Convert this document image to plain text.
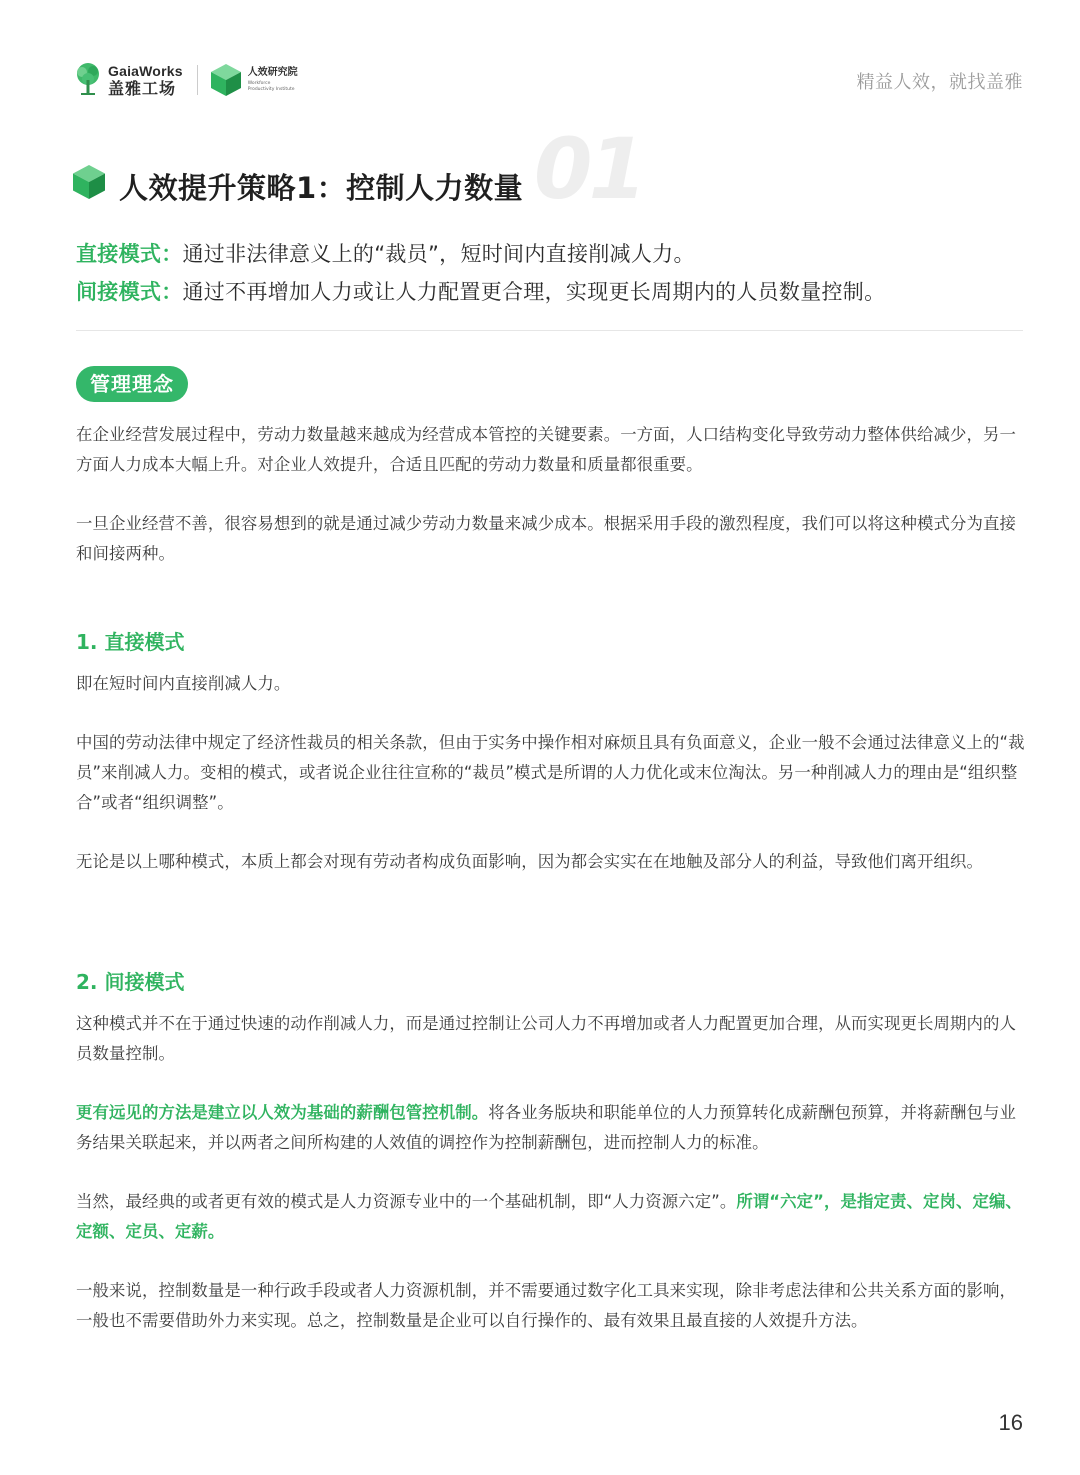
GaiaWorks
盖雅工场
人效研究院
Workforce
Productivity Institute	精益人效，就找盖雅
01
人效提升策略1：控制人力数量
直接模式：通过非法律意义上的“裁员”，短时间内直接削减人力。
间接模式：通过不再增加人力或让人力配置更合理，实现更长周期内的人员数量控制。
管理理念

在企业经营发展过程中，劳动力数量越来越成为经营成本管控的关键要素。一方面，人口结构变化导致劳动力整体供给减少，另一方面人力成本大幅上升。对企业人效提升，合适且匹配的劳动力数量和质量都很重要。

一旦企业经营不善，很容易想到的就是通过减少劳动力数量来减少成本。根据采用手段的激烈程度，我们可以将这种模式分为直接和间接两种。

1. 直接模式

即在短时间内直接削减人力。

中国的劳动法律中规定了经济性裁员的相关条款，但由于实务中操作相对麻烦且具有负面意义，企业一般不会通过法律意义上的“裁员”来削减人力。变相的模式，或者说企业往往宣称的“裁员”模式是所谓的人力优化或末位淘汰。另一种削减人力的理由是“组织整合”或者“组织调整”。

无论是以上哪种模式，本质上都会对现有劳动者构成负面影响，因为都会实实在在地触及部分人的利益，导致他们离开组织。

2. 间接模式

这种模式并不在于通过快速的动作削减人力，而是通过控制让公司人力不再增加或者人力配置更加合理，从而实现更长周期内的人员数量控制。

更有远见的方法是建立以人效为基础的薪酬包管控机制。将各业务版块和职能单位的人力预算转化成薪酬包预算，并将薪酬包与业务结果关联起来，并以两者之间所构建的人效值的调控作为控制薪酬包，进而控制人力的标准。

当然，最经典的或者更有效的模式是人力资源专业中的一个基础机制，即“人力资源六定”。所谓“六定”，是指定责、定岗、定编、定额、定员、定薪。

一般来说，控制数量是一种行政手段或者人力资源机制，并不需要通过数字化工具来实现，除非考虑法律和公共关系方面的影响，一般也不需要借助外力来实现。总之，控制数量是企业可以自行操作的、最有效果且最直接的人效提升方法。

16
